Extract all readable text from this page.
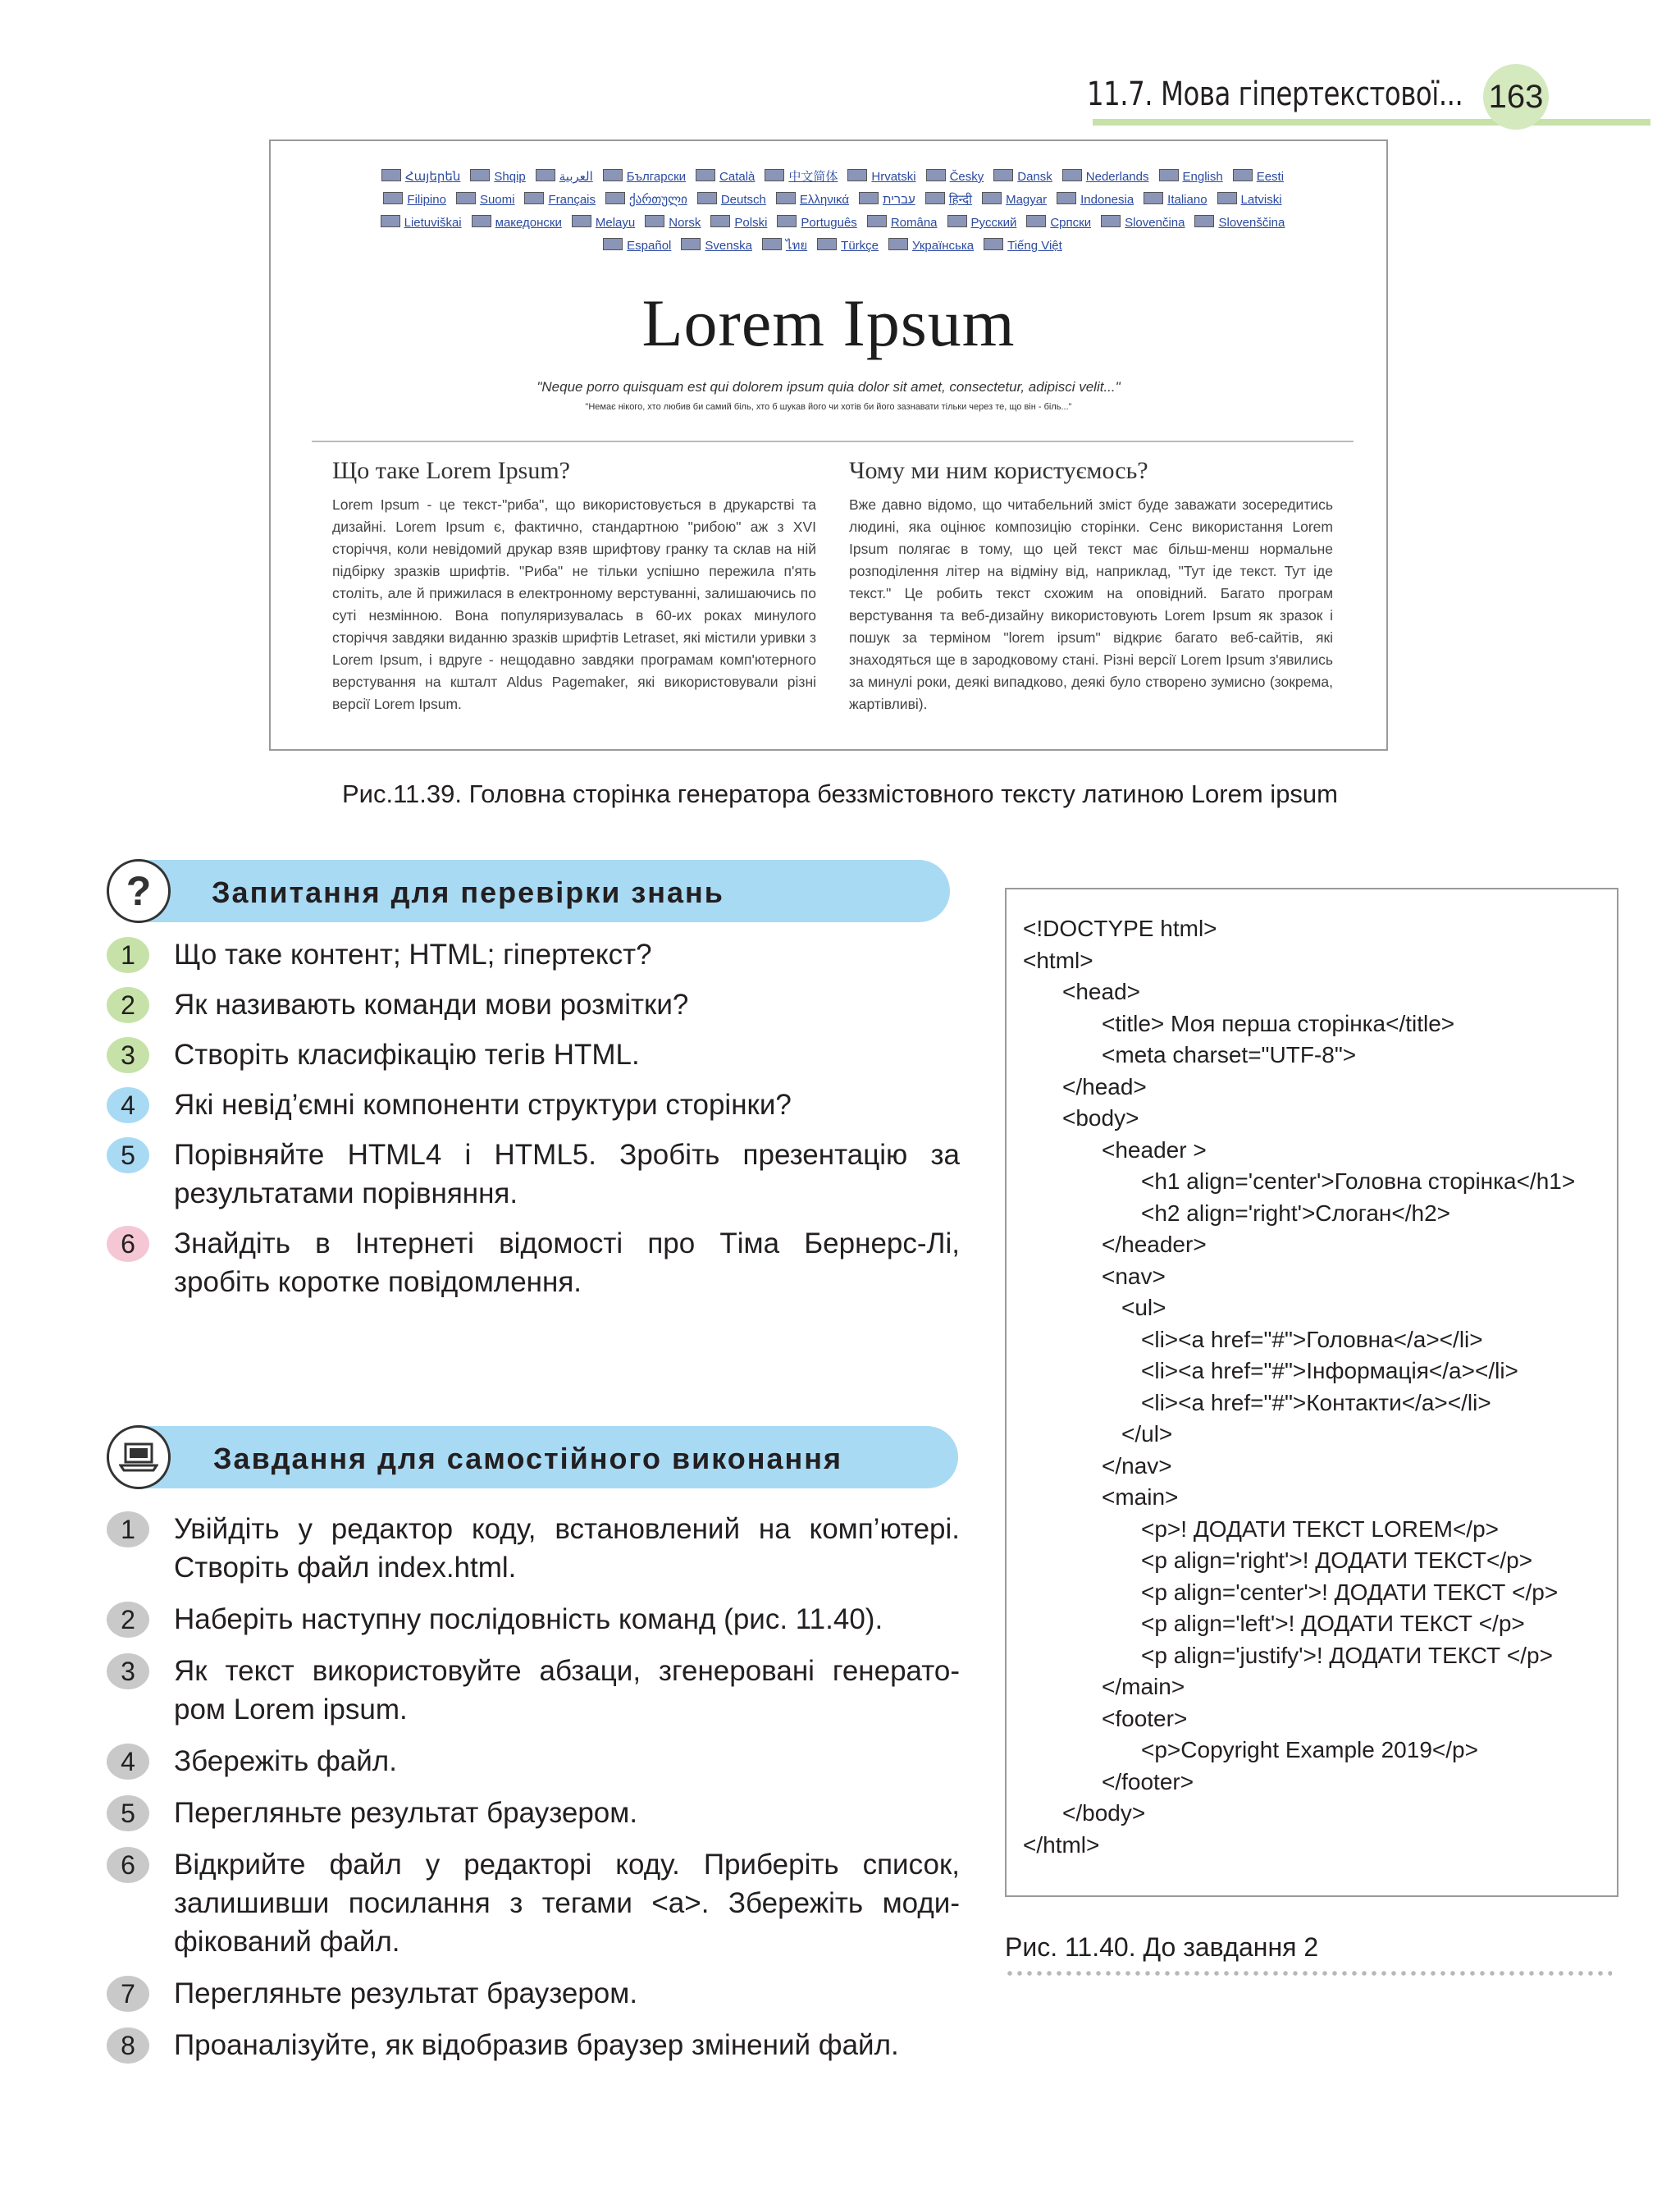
11.7. Мова гіпертекстової... 163
Հայերեն	Shqip	العربية	Български	Català	中文简体	Hrvatski	Česky	Dansk	Nederlands	English	Eesti
Filipino	Suomi	Français	ქართული	Deutsch	Ελληνικά	עברית	हिन्दी	Magyar	Indonesia	Italiano	Latviski
Lietuviškai	македонски	Melayu	Norsk	Polski	Português	Româna	Pyccкий	Српски	Slovenčina	Slovenščina
Español	Svenska	ไทย	Türkçe	Українська	Tiếng Việt
Lorem Ipsum
"Neque porro quisquam est qui dolorem ipsum quia dolor sit amet, consectetur, adipisci velit..."
"Немає нікого, хто любив би самий біль, хто б шукав його чи хотів би його зазнавати тільки через те, що він - біль..."
Що таке Lorem Ipsum?
Lorem Ipsum - це текст-"риба", що використовується в друкарстві та дизайні. Lorem Ipsum є, фактично, стандартною "рибою" аж з XVI сторіччя, коли невідомий друкар взяв шрифтову гранку та склав на ній підбірку зразків шрифтів. "Риба" не тільки успішно пережила п'ять століть, але й прижилася в електронному верстуванні, залишаючись по суті незмінною. Вона популяризувалась в 60-их роках минулого сторіччя завдяки виданню зразків шрифтів Letraset, які містили уривки з Lorem Ipsum, і вдруге - нещодавно завдяки програмам комп'ютерного верстування на кшталт Aldus Pagemaker, які використовували різні версії Lorem Ipsum.
Чому ми ним користуємось?
Вже давно відомо, що читабельний зміст буде заважати зосередитись людині, яка оцінює композицію сторінки. Сенс використання Lorem Ipsum полягає в тому, що цей текст має більш-менш нормальне розподілення літер на відміну від, наприклад, "Тут іде текст. Тут іде текст." Це робить текст схожим на оповідний. Багато програм верстування та веб-дизайну використовують Lorem Ipsum як зразок і пошук за терміном "lorem ipsum" відкриє багато веб-сайтів, які знаходяться ще в зародковому стані. Різні версії Lorem Ipsum з'явились за минулі роки, деякі випадково, деякі було створено зумисно (зокрема, жартівливі).
Рис.11.39. Головна сторінка генератора беззмістовного тексту латиною Lorem ipsum
Запитання для перевірки знань
?
1	Що таке контент; HTML; гіпертекст?
2	Як називають команди мови розмітки?
3	Створіть класифікацію тегів HTML.
4	Які невід’ємні компоненти структури сторінки?
5	Порівняйте HTML4 і HTML5. Зробіть презентацію за результатами порівняння.
6	Знайдіть в Інтернеті відомості про Тіма Бернерс-Лі, зробіть коротке повідомлення.
Завдання для самостійного виконання
1	Увійдіть у редактор коду, встановлений на комп’ютері. Створіть файл index.html.
2	Наберіть наступну послідовність команд (рис. 11.40).
3	Як текст використовуйте абзаци, згенеровані генерато-ром Lorem ipsum.
4	Збережіть файл.
5	Перегляньте результат браузером.
6	Відкрийте файл у редакторі коду. Приберіть список, залишивши посилання з тегами <a>. Збережіть моди-фікований файл.
7	Перегляньте результат браузером.
8	Проаналізуйте, як відобразив браузер змінений файл.
<!DOCTYPE html>
<html>
<head>
<title> Моя перша сторінка</title>
<meta charset="UTF-8">
</head>
<body>
<header >
<h1 align='center'>Головна сторінка</h1>
<h2 align='right'>Слоган</h2>
</header>
<nav>
<ul>
<li><a href="#">Головна</a></li>
<li><a href="#">Інформація</a></li>
<li><a href="#">Контакти</a></li>
</ul>
</nav>
<main>
<p>! ДОДАТИ ТЕКСТ LOREM</p>
<p align='right'>! ДОДАТИ ТЕКСТ</p>
<p align='center'>! ДОДАТИ ТЕКСТ </p>
<p align='left'>! ДОДАТИ ТЕКСТ </p>
<p align='justify'>! ДОДАТИ ТЕКСТ </p>
</main>
<footer>
<p>Copyright Example 2019</p>
</footer>
</body>
</html>
Рис. 11.40. До завдання 2
